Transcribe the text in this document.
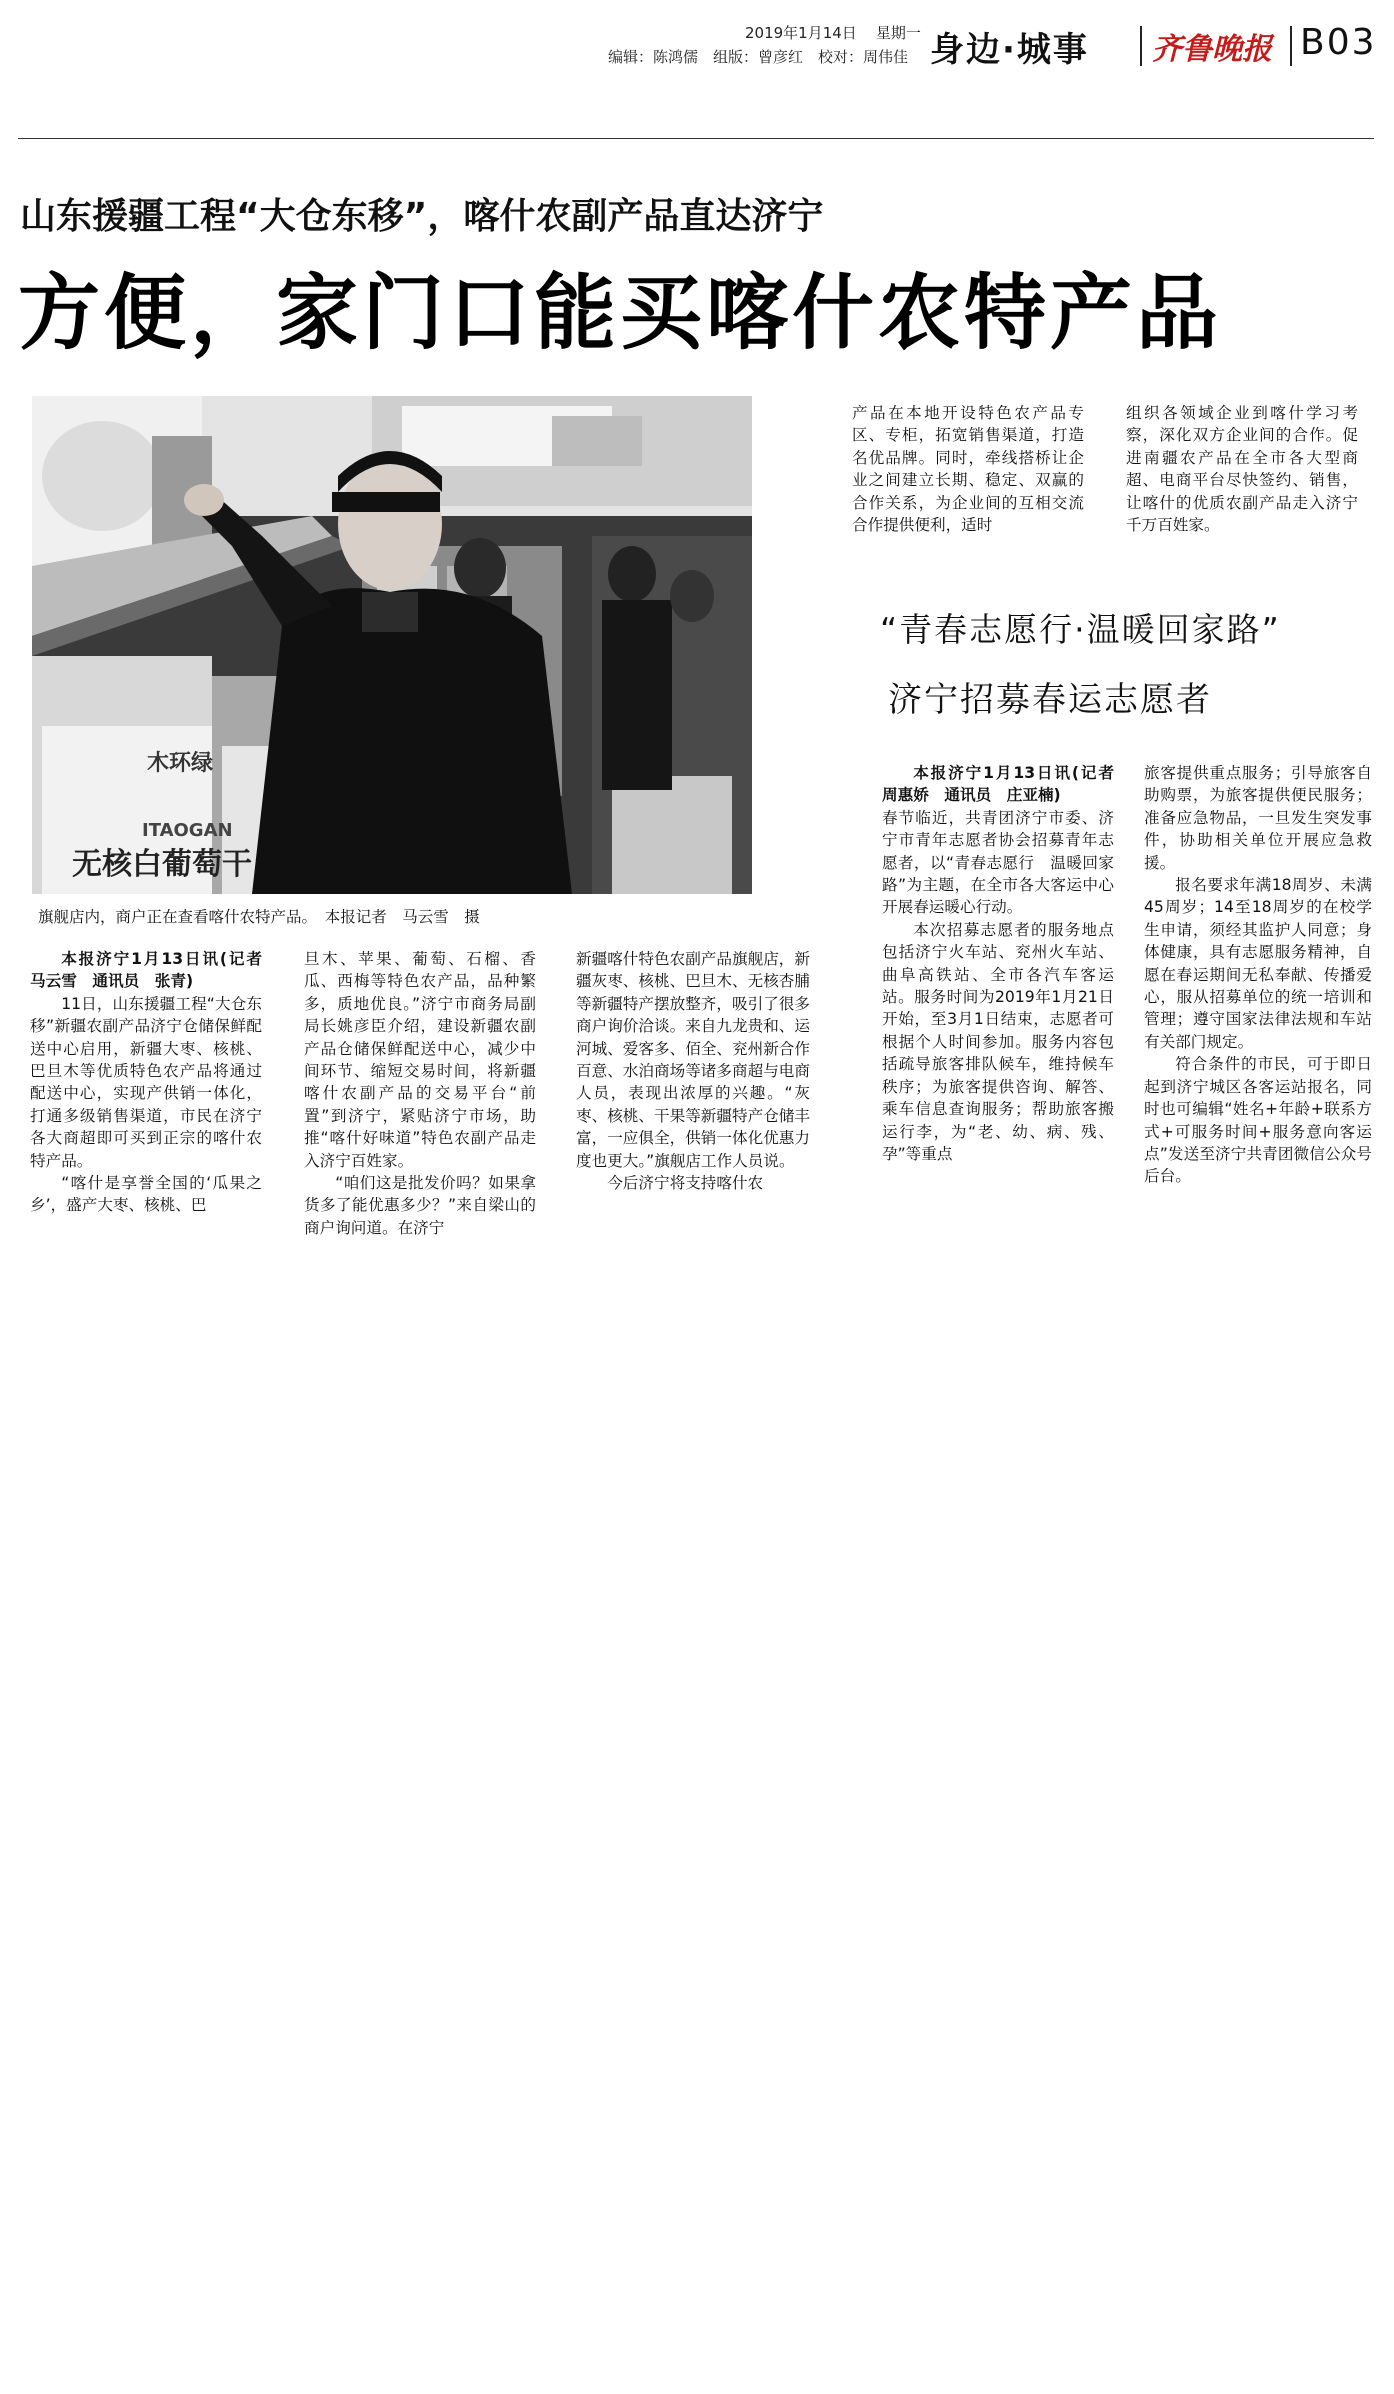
2019年1月14日 星期一
编辑：陈鸿儒　组版：曾彦红　校对：周伟佳 身边·城事 齐鲁晚报 B03
山东援疆工程“大仓东移”，喀什农副产品直达济宁
方便，家门口能买喀什农特产品
木环绿
无核白葡萄干
ITAOGAN
旗舰店内，商户正在查看喀什农特产品。　本报记者　马云雪　摄

本报济宁1月13日讯(记者　马云雪　通讯员　张青)

11日，山东援疆工程“大仓东移”新疆农副产品济宁仓储保鲜配送中心启用，新疆大枣、核桃、巴旦木等优质特色农产品将通过配送中心，实现产供销一体化，打通多级销售渠道，市民在济宁各大商超即可买到正宗的喀什农特产品。

“喀什是享誉全国的‘瓜果之乡’，盛产大枣、核桃、巴

旦木、苹果、葡萄、石榴、香瓜、西梅等特色农产品，品种繁多，质地优良。”济宁市商务局副局长姚彦臣介绍，建设新疆农副产品仓储保鲜配送中心，减少中间环节、缩短交易时间，将新疆喀什农副产品的交易平台“前置”到济宁，紧贴济宁市场，助推“喀什好味道”特色农副产品走入济宁百姓家。

“咱们这是批发价吗？如果拿货多了能优惠多少？”来自梁山的商户询问道。在济宁

新疆喀什特色农副产品旗舰店，新疆灰枣、核桃、巴旦木、无核杏脯等新疆特产摆放整齐，吸引了很多商户询价洽谈。来自九龙贵和、运河城、爱客多、佰全、兖州新合作百意、水泊商场等诸多商超与电商人员，表现出浓厚的兴趣。“灰枣、核桃、干果等新疆特产仓储丰富，一应俱全，供销一体化优惠力度也更大。”旗舰店工作人员说。

今后济宁将支持喀什农

产品在本地开设特色农产品专区、专柜，拓宽销售渠道，打造名优品牌。同时，牵线搭桥让企业之间建立长期、稳定、双赢的合作关系，为企业间的互相交流合作提供便利，适时

组织各领域企业到喀什学习考察，深化双方企业间的合作。促进南疆农产品在全市各大型商超、电商平台尽快签约、销售，让喀什的优质农副产品走入济宁千万百姓家。

“青春志愿行·温暖回家路”
济宁招募春运志愿者

本报济宁1月13日讯(记者　周惠娇　通讯员　庄亚楠)

春节临近，共青团济宁市委、济宁市青年志愿者协会招募青年志愿者，以“青春志愿行　温暖回家路”为主题，在全市各大客运中心开展春运暖心行动。

本次招募志愿者的服务地点包括济宁火车站、兖州火车站、曲阜高铁站、全市各汽车客运站。服务时间为2019年1月21日开始，至3月1日结束，志愿者可根据个人时间参加。服务内容包括疏导旅客排队候车，维持候车秩序；为旅客提供咨询、解答、乘车信息查询服务；帮助旅客搬运行李，为“老、幼、病、残、孕”等重点

旅客提供重点服务；引导旅客自助购票，为旅客提供便民服务；准备应急物品，一旦发生突发事件，协助相关单位开展应急救援。

报名要求年满18周岁、未满45周岁；14至18周岁的在校学生申请，须经其监护人同意；身体健康，具有志愿服务精神，自愿在春运期间无私奉献、传播爱心，服从招募单位的统一培训和管理；遵守国家法律法规和车站有关部门规定。

符合条件的市民，可于即日起到济宁城区各客运站报名，同时也可编辑“姓名+年龄+联系方式+可服务时间+服务意向客运点”发送至济宁共青团微信公众号后台。
